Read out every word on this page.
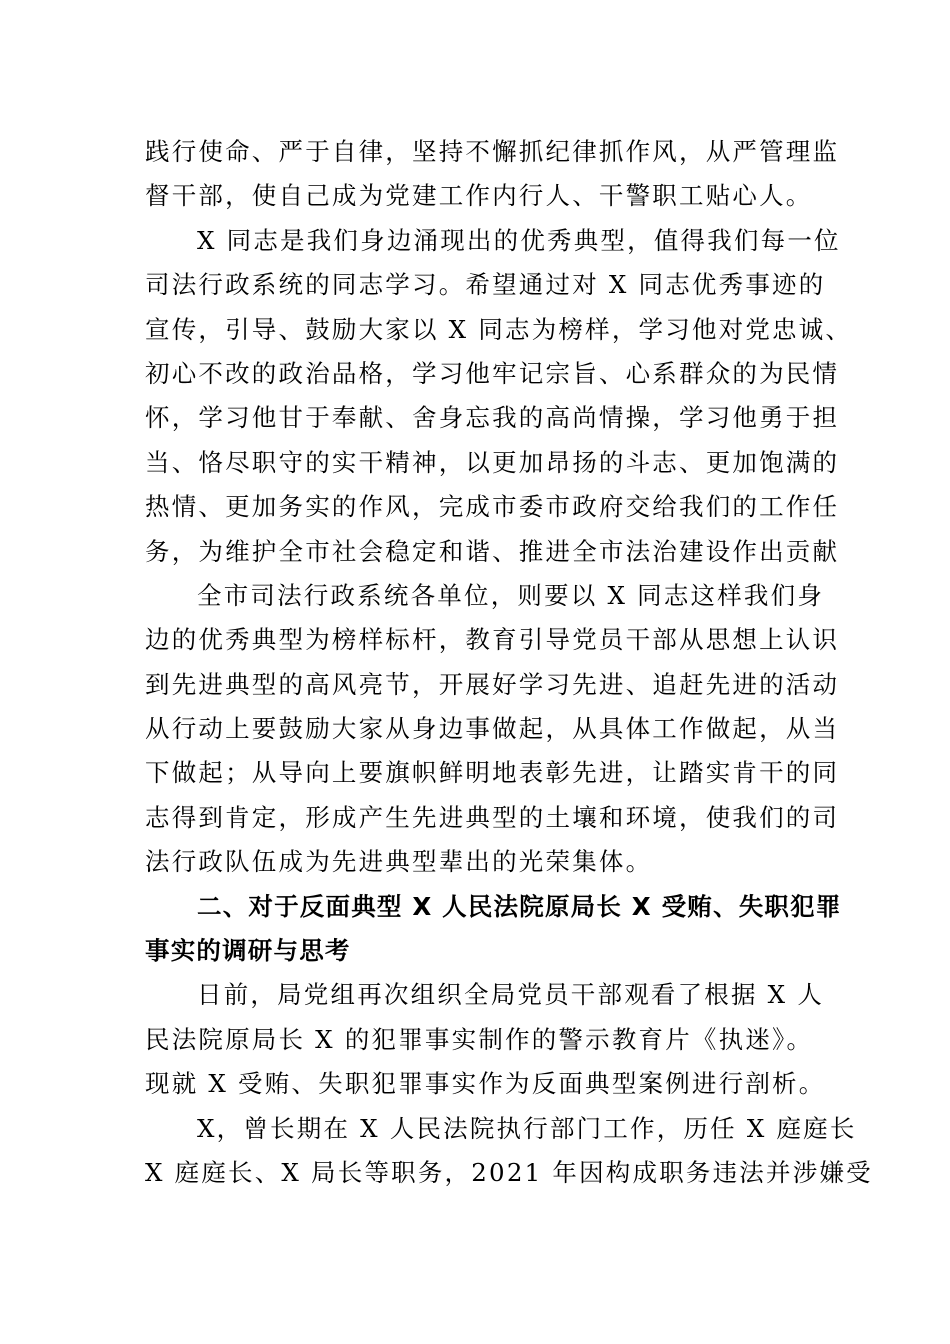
践行使命、严于自律，坚持不懈抓纪律抓作风，从严管理监
督干部，使自己成为党建工作内行人、干警职工贴心人。
X 同志是我们身边涌现出的优秀典型，值得我们每一位
司法行政系统的同志学习。希望通过对 X 同志优秀事迹的
宣传，引导、鼓励大家以 X 同志为榜样，学习他对党忠诚、
初心不改的政治品格，学习他牢记宗旨、心系群众的为民情
怀，学习他甘于奉献、舍身忘我的高尚情操，学习他勇于担
当、恪尽职守的实干精神，以更加昂扬的斗志、更加饱满的
热情、更加务实的作风，完成市委市政府交给我们的工作任
务，为维护全市社会稳定和谐、推进全市法治建设作出贡献
全市司法行政系统各单位，则要以 X 同志这样我们身
边的优秀典型为榜样标杆，教育引导党员干部从思想上认识
到先进典型的高风亮节，开展好学习先进、追赶先进的活动
从行动上要鼓励大家从身边事做起，从具体工作做起，从当
下做起；从导向上要旗帜鲜明地表彰先进，让踏实肯干的同
志得到肯定，形成产生先进典型的土壤和环境，使我们的司
法行政队伍成为先进典型辈出的光荣集体。
二、对于反面典型 X 人民法院原局长 X 受贿、失职犯罪
事实的调研与思考
日前，局党组再次组织全局党员干部观看了根据 X 人
民法院原局长 X 的犯罪事实制作的警示教育片《执迷》。
现就 X 受贿、失职犯罪事实作为反面典型案例进行剖析。
X，曾长期在 X 人民法院执行部门工作，历任 X 庭庭长
X 庭庭长、X 局长等职务，2021 年因构成职务违法并涉嫌受
